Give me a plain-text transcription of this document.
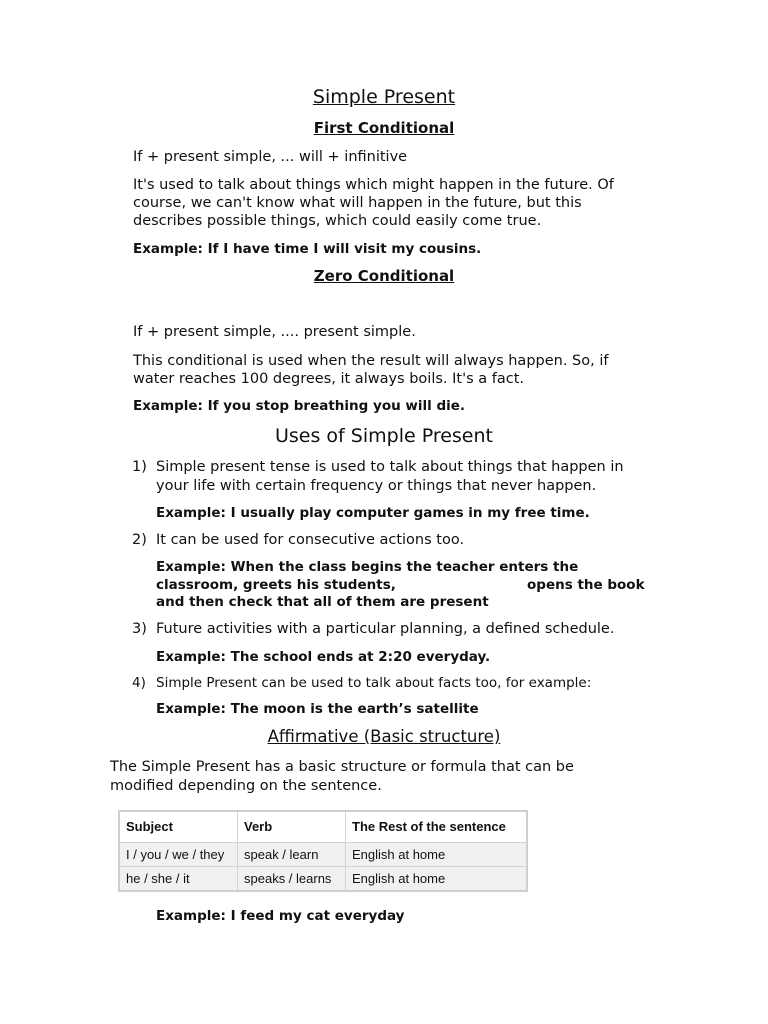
Simple Present
First Conditional

If + present simple, ... will + infinitive

It's used to talk about things which might happen in the future. Of

course, we can't know what will happen in the future, but this

describes possible things, which could easily come true.

Example: If I have time I will visit my cousins.

Zero Conditional

If + present simple, .... present simple.

This conditional is used when the result will always happen. So, if

water reaches 100 degrees, it always boils. It's a fact.

Example: If you stop breathing you will die.

Uses of Simple Present
1) Simple present tense is used to talk about things that happen in
your life with certain frequency or things that never happen.
Example: I usually play computer games in my free time.
2) It can be used for consecutive actions too.
Example: When the class begins the teacher enters the
classroom, greets his students,	opens the book
and then check that all of them are present
3) Future activities with a particular planning, a defined schedule.
Example: The school ends at 2:20 everyday.
4) Simple Present can be used to talk about facts too, for example:
Example: The moon is the earth’s satellite
Affirmative (Basic structure)

The Simple Present has a basic structure or formula that can be

modified depending on the sentence.

Subject	Verb	The Rest of the sentence
I / you / we / they	speak / learn	English at home
he / she / it	speaks / learns	English at home

Example: I feed my cat everyday
